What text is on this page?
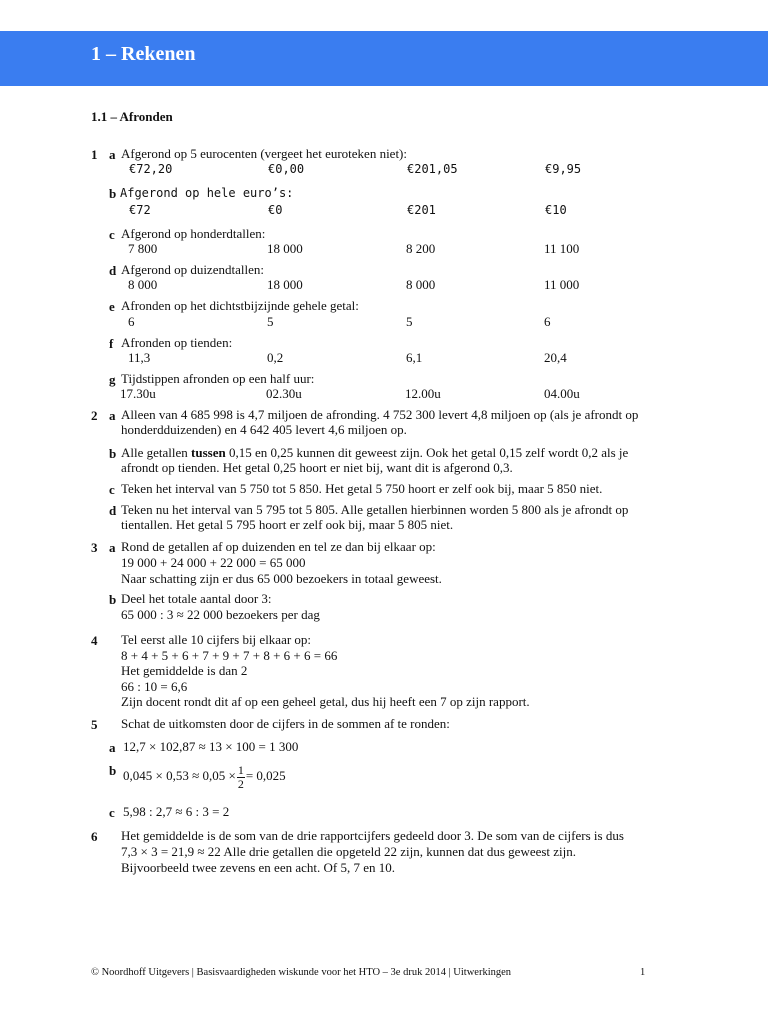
1 – Rekenen
1.1 – Afronden
1 a Afgerond op 5 eurocenten (vergeet het euroteken niet):
€72,20	€0,00	€201,05	€9,95
b Afgerond op hele euro’s:
€72	€0	€201	€10
c Afgerond op honderdtallen:
7 800	18 000	8 200	11 100
d Afgerond op duizendtallen:
8 000	18 000	8 000	11 000
e Afronden op het dichtstbijzijnde gehele getal:
6	5	5	6
f Afronden op tienden:
11,3	0,2	6,1	20,4
g Tijdstippen afronden op een half uur:
17.30u	02.30u	12.00u	04.00u
2 a Alleen van 4 685 998 is 4,7 miljoen de afronding. 4 752 300 levert 4,8 miljoen op (als je afrondt op
honderdduizenden) en 4 642 405 levert 4,6 miljoen op.
b Alle getallen tussen 0,15 en 0,25 kunnen dit geweest zijn. Ook het getal 0,15 zelf wordt 0,2 als je
afrondt op tienden. Het getal 0,25 hoort er niet bij, want dit is afgerond 0,3.
c Teken het interval van 5 750 tot 5 850. Het getal 5 750 hoort er zelf ook bij, maar 5 850 niet.
d Teken nu het interval van 5 795 tot 5 805. Alle getallen hierbinnen worden 5 800 als je afrondt op
tientallen. Het getal 5 795 hoort er zelf ook bij, maar 5 805 niet.
3 a Rond de getallen af op duizenden en tel ze dan bij elkaar op:
19 000 + 24 000 + 22 000 = 65 000
Naar schatting zijn er dus 65 000 bezoekers in totaal geweest.
b Deel het totale aantal door 3:
65 000 : 3 ≈ 22 000 bezoekers per dag
4 Tel eerst alle 10 cijfers bij elkaar op:
8 + 4 + 5 + 6 + 7 + 9 + 7 + 8 + 6 + 6 = 66
Het gemiddelde is dan 2
66 : 10 = 6,6
Zijn docent rondt dit af op een geheel getal, dus hij heeft een 7 op zijn rapport.
5 Schat de uitkomsten door de cijfers in de sommen af te ronden:
a 12,7 × 102,87 ≈ 13 × 100 = 1 300
b $0,045 \times 0,53 \approx 0,05 \times \frac{1}{2} = 0,025$
c 5,98 : 2,7 ≈ 6 : 3 = 2
6 Het gemiddelde is de som van de drie rapportcijfers gedeeld door 3. De som van de cijfers is dus
7,3 × 3 = 21,9 ≈ 22 Alle drie getallen die opgeteld 22 zijn, kunnen dat dus geweest zijn.
Bijvoorbeeld twee zevens en een acht. Of 5, 7 en 10.
© Noordhoff Uitgevers | Basisvaardigheden wiskunde voor het HTO – 3e druk 2014 | Uitwerkingen	1
